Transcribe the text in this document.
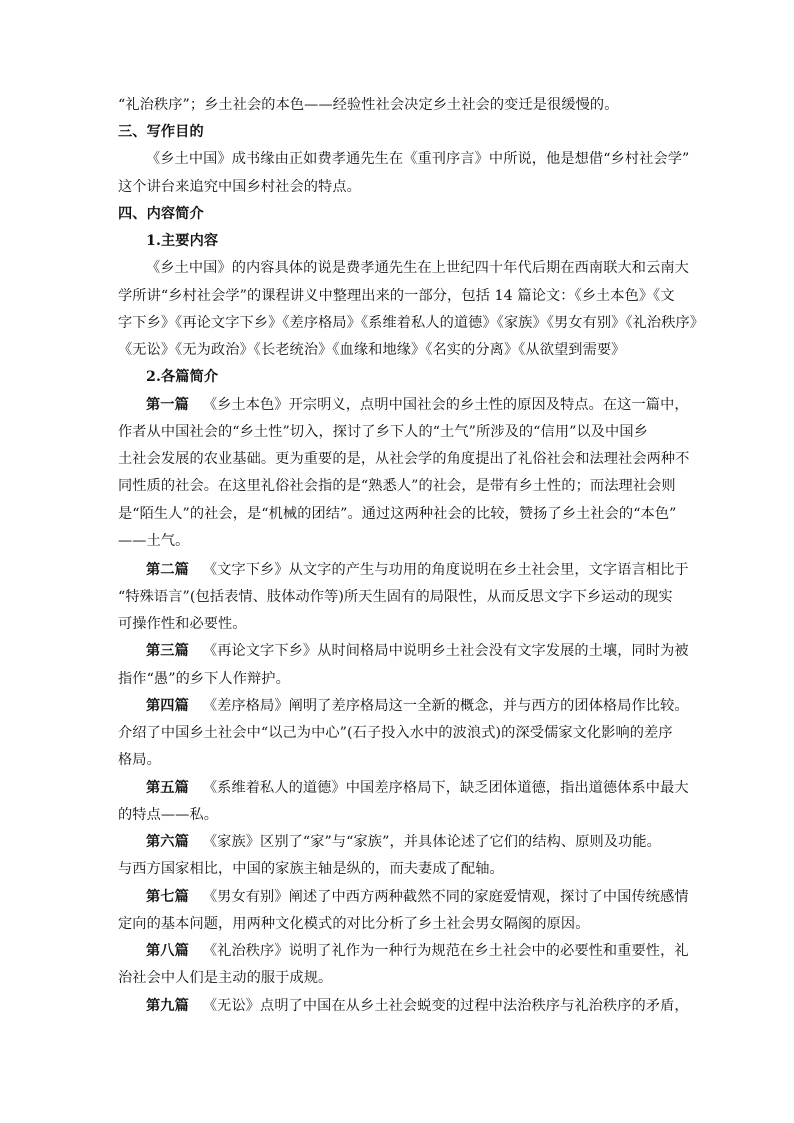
“礼治秩序”；乡土社会的本色——经验性社会决定乡土社会的变迁是很缓慢的。
三、写作目的
《乡土中国》成书缘由正如费孝通先生在《重刊序言》中所说，他是想借“乡村社会学”
这个讲台来追究中国乡村社会的特点。
四、内容简介
1.主要内容
《乡土中国》的内容具体的说是费孝通先生在上世纪四十年代后期在西南联大和云南大
学所讲“乡村社会学”的课程讲义中整理出来的一部分，包括 14 篇论文：《乡土本色》《文
字下乡》《再论文字下乡》《差序格局》《系维着私人的道德》《家族》《男女有别》《礼治秩序》
《无讼》《无为政治》《长老统治》《血缘和地缘》《名实的分离》《从欲望到需要》
2.各篇简介
第一篇 《乡土本色》开宗明义，点明中国社会的乡土性的原因及特点。在这一篇中，
作者从中国社会的“乡土性”切入，探讨了乡下人的“土气”所涉及的“信用”以及中国乡
土社会发展的农业基础。更为重要的是，从社会学的角度提出了礼俗社会和法理社会两种不
同性质的社会。在这里礼俗社会指的是“熟悉人”的社会，是带有乡土性的；而法理社会则
是“陌生人”的社会，是“机械的团结”。通过这两种社会的比较，赞扬了乡土社会的“本色”
——土气。
第二篇 《文字下乡》从文字的产生与功用的角度说明在乡土社会里，文字语言相比于
“特殊语言”(包括表情、肢体动作等)所天生固有的局限性，从而反思文字下乡运动的现实
可操作性和必要性。
第三篇 《再论文字下乡》从时间格局中说明乡土社会没有文字发展的土壤，同时为被
指作“愚”的乡下人作辩护。
第四篇 《差序格局》阐明了差序格局这一全新的概念，并与西方的团体格局作比较。
介绍了中国乡土社会中“以己为中心”(石子投入水中的波浪式)的深受儒家文化影响的差序
格局。
第五篇 《系维着私人的道德》中国差序格局下，缺乏团体道德，指出道德体系中最大
的特点——私。
第六篇 《家族》区别了“家”与“家族”，并具体论述了它们的结构、原则及功能。
与西方国家相比，中国的家族主轴是纵的，而夫妻成了配轴。
第七篇 《男女有别》阐述了中西方两种截然不同的家庭爱情观，探讨了中国传统感情
定向的基本问题，用两种文化模式的对比分析了乡土社会男女隔阂的原因。
第八篇 《礼治秩序》说明了礼作为一种行为规范在乡土社会中的必要性和重要性，礼
治社会中人们是主动的服于成规。
第九篇 《无讼》点明了中国在从乡土社会蜕变的过程中法治秩序与礼治秩序的矛盾，
